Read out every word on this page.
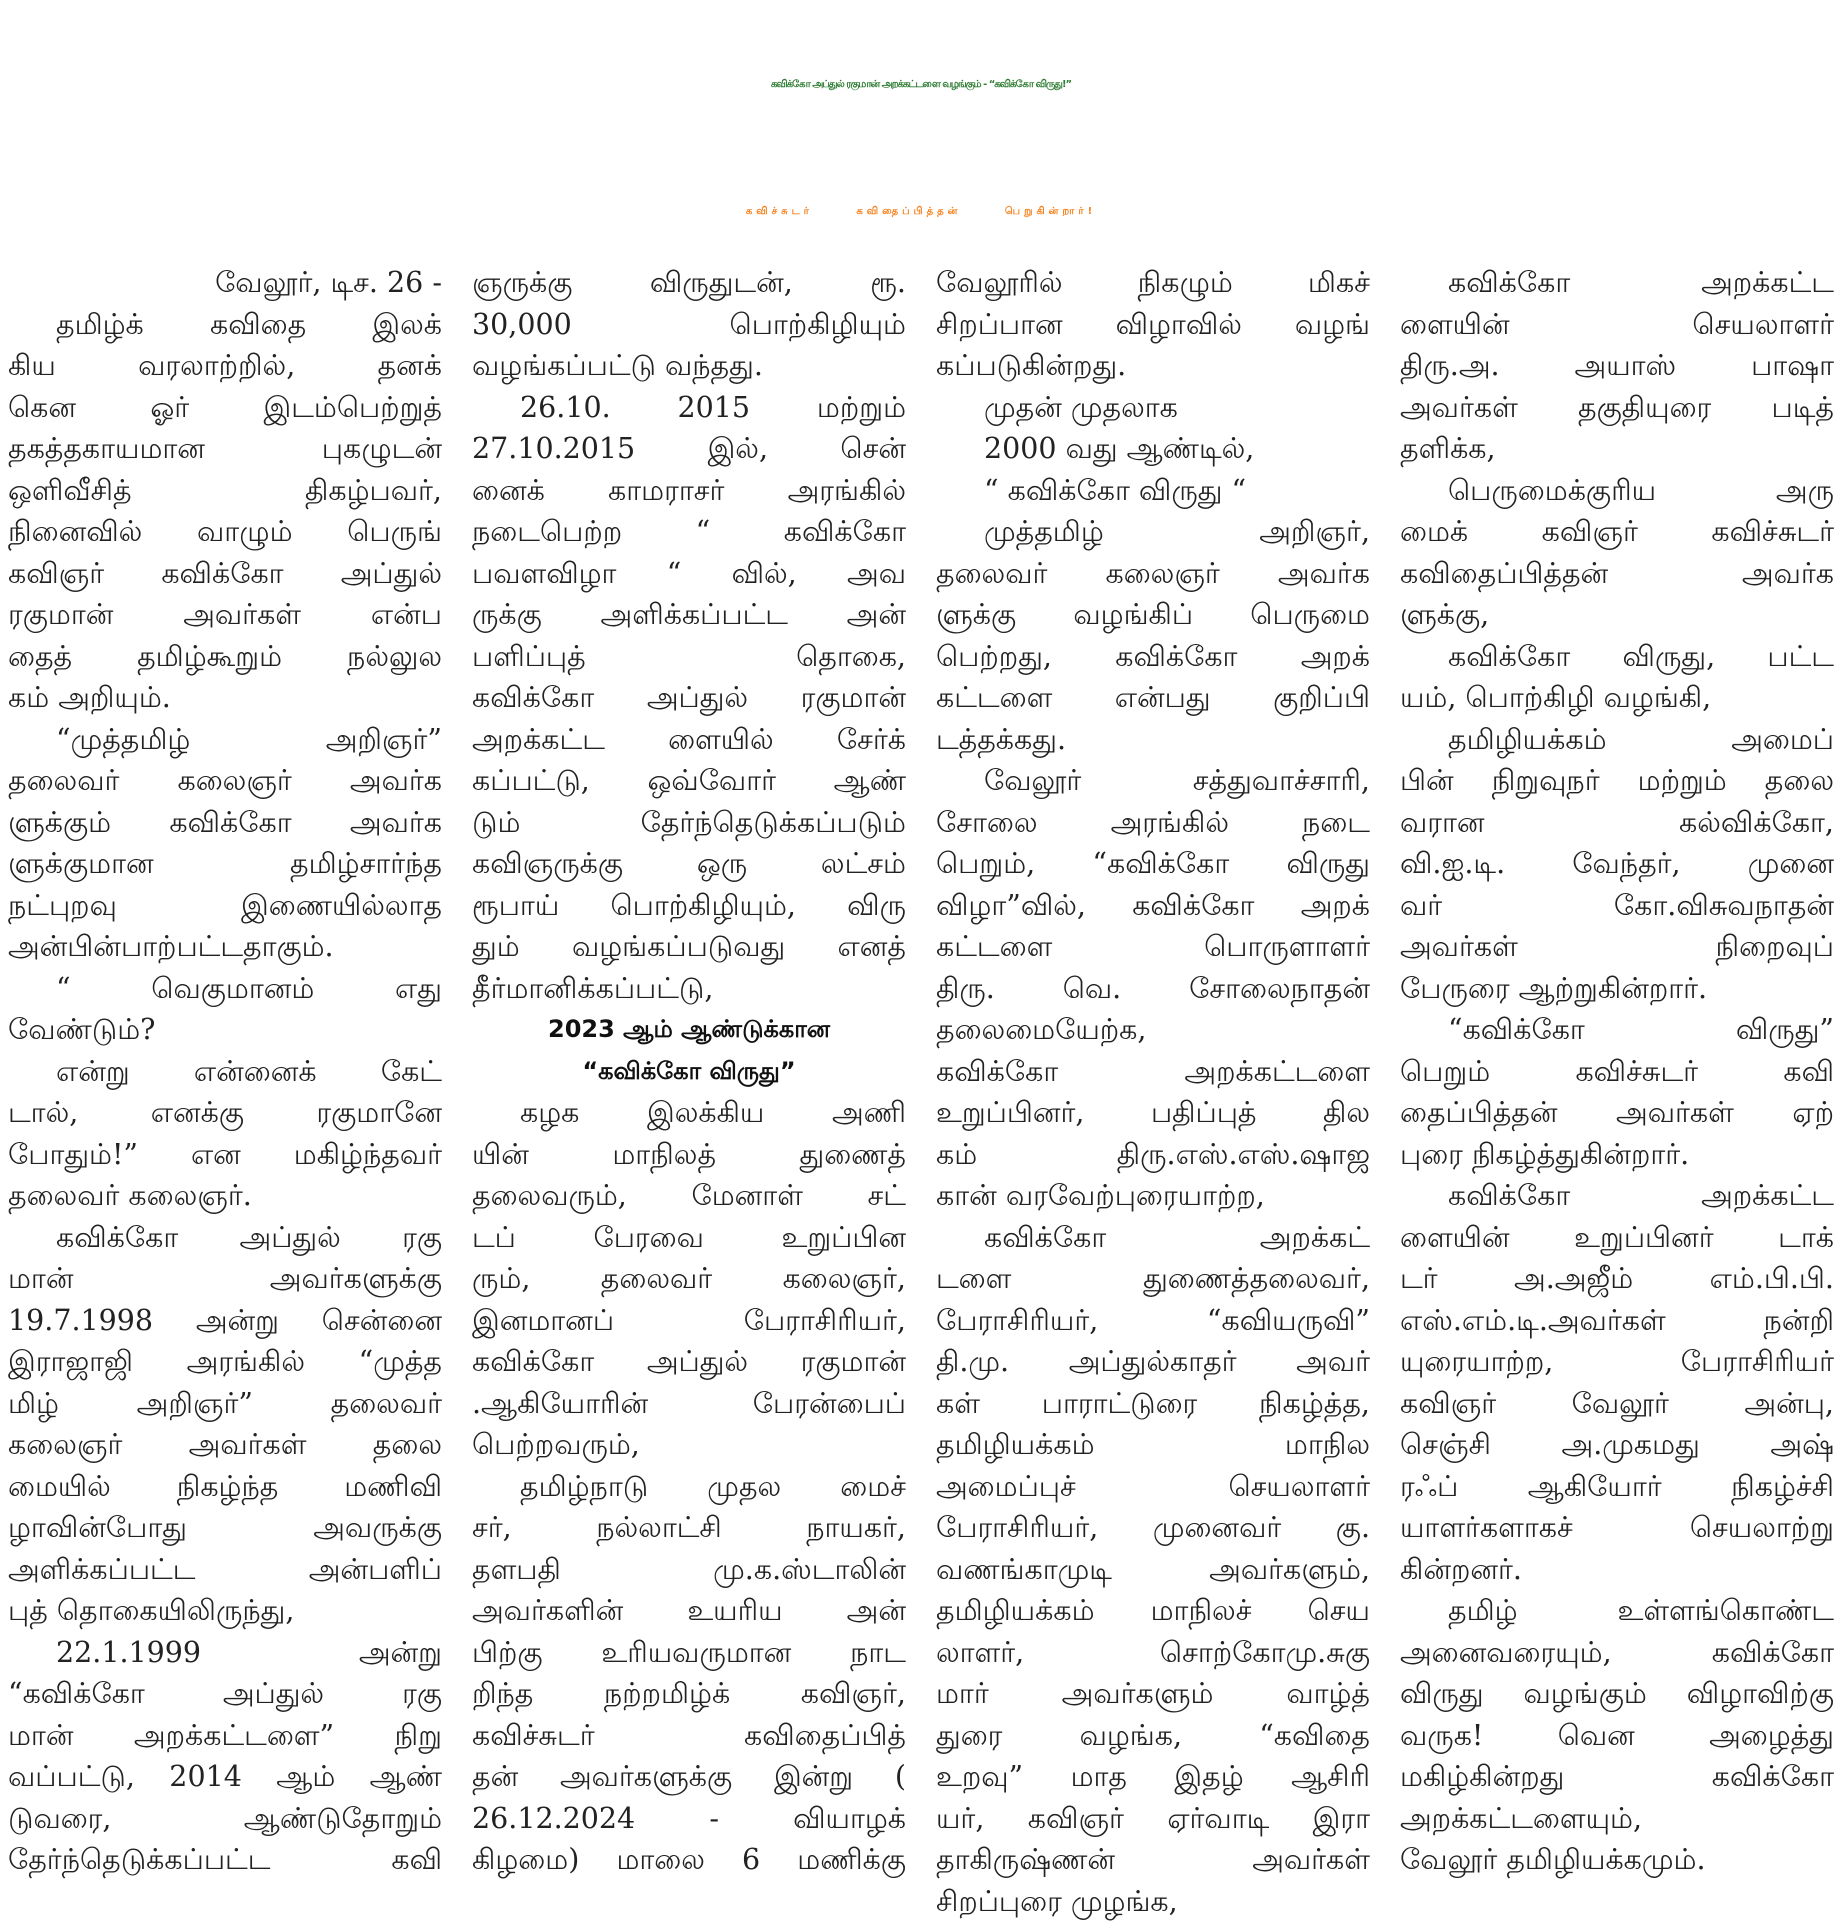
கவிக்கோ அப்துல் ரகுமான் அறக்கட்டளை வழங்கும் - “கவிக்கோ விருது!”
கவிச்சுடர் கவிதைப்பித்தன் பெறுகின்றார்!
வேலூர், டிச. 26 -
தமிழ்க் கவிதை இலக்
கிய வரலாற்றில், தனக்
கென ஓர் இடம்பெற்றுத்
தகத்தகாயமான புகழுடன்
ஒளிவீசித் திகழ்பவர்,
நினைவில் வாழும் பெருங்
கவிஞர் கவிக்கோ அப்துல்
ரகுமான் அவர்கள் என்ப
தைத் தமிழ்கூறும் நல்லுல
கம் அறியும்.
“முத்தமிழ் அறிஞர்”
தலைவர் கலைஞர் அவர்க
ளுக்கும் கவிக்கோ அவர்க
ளுக்குமான தமிழ்சார்ந்த
நட்புறவு இணையில்லாத
அன்பின்பாற்பட்டதாகும்.
“ வெகுமானம் எது
வேண்டும்?
என்று என்னைக் கேட்
டால், எனக்கு ரகுமானே
போதும்!” என மகிழ்ந்தவர்
தலைவர் கலைஞர்.
கவிக்கோ அப்துல் ரகு
மான் அவர்களுக்கு
19.7.1998 அன்று சென்னை
இராஜாஜி அரங்கில் “முத்த
மிழ் அறிஞர்” தலைவர்
கலைஞர் அவர்கள் தலை
மையில் நிகழ்ந்த மணிவி
ழாவின்போது அவருக்கு
அளிக்கப்பட்ட அன்பளிப்
புத் தொகையிலிருந்து,
22.1.1999 அன்று
“கவிக்கோ அப்துல் ரகு
மான் அறக்கட்டளை” நிறு
வப்பட்டு, 2014 ஆம் ஆண்
டுவரை, ஆண்டுதோறும்
தேர்ந்தெடுக்கப்பட்ட கவி
ஞருக்கு விருதுடன், ரூ.
30,000 பொற்கிழியும்
வழங்கப்பட்டு வந்தது.
26.10. 2015 மற்றும்
27.10.2015 இல், சென்
னைக் காமராசர் அரங்கில்
நடைபெற்ற “ கவிக்கோ
பவளவிழா “ வில், அவ
ருக்கு அளிக்கப்பட்ட அன்
பளிப்புத் தொகை,
கவிக்கோ அப்துல் ரகுமான்
அறக்கட்ட ளையில் சேர்க்
கப்பட்டு, ஒவ்வோர் ஆண்
டும் தேர்ந்தெடுக்கப்படும்
கவிஞருக்கு ஒரு லட்சம்
ரூபாய் பொற்கிழியும், விரு
தும் வழங்கப்படுவது எனத்
தீர்மானிக்கப்பட்டு,
2023 ஆம் ஆண்டுக்கான
“கவிக்கோ விருது”
கழக இலக்கிய அணி
யின் மாநிலத் துணைத்
தலைவரும், மேனாள் சட்
டப் பேரவை உறுப்பின
ரும், தலைவர் கலைஞர்,
இனமானப் பேராசிரியர்,
கவிக்கோ அப்துல் ரகுமான்
.ஆகியோரின் பேரன்பைப்
பெற்றவரும்,
தமிழ்நாடு முதல மைச்
சர், நல்லாட்சி நாயகர்,
தளபதி மு.க.ஸ்டாலின்
அவர்களின் உயரிய அன்
பிற்கு உரியவருமான நாட
றிந்த நற்றமிழ்க் கவிஞர்,
கவிச்சுடர் கவிதைப்பித்
தன் அவர்களுக்கு இன்று (
26.12.2024 - வியாழக்
கிழமை) மாலை 6 மணிக்கு
வேலூரில் நிகழும் மிகச்
சிறப்பான விழாவில் வழங்
கப்படுகின்றது.
முதன் முதலாக
2000 வது ஆண்டில்,
“ கவிக்கோ விருது “
முத்தமிழ் அறிஞர்,
தலைவர் கலைஞர் அவர்க
ளுக்கு வழங்கிப் பெருமை
பெற்றது, கவிக்கோ அறக்
கட்டளை என்பது குறிப்பி
டத்தக்கது.
வேலூர் சத்துவாச்சாரி,
சோலை அரங்கில் நடை
பெறும், “கவிக்கோ விருது
விழா”வில், கவிக்கோ அறக்
கட்டளை பொருளாளர்
திரு. வெ. சோலைநாதன்
தலைமையேற்க,
கவிக்கோ அறக்கட்டளை
உறுப்பினர், பதிப்புத் தில
கம் திரு.எஸ்.எஸ்.ஷாஜ
கான் வரவேற்புரையாற்ற,
கவிக்கோ அறக்கட்
டளை துணைத்தலைவர்,
பேராசிரியர், “கவியருவி”
தி.மு. அப்துல்காதர் அவர்
கள் பாராட்டுரை நிகழ்த்த,
தமிழியக்கம் மாநில
அமைப்புச் செயலாளர்
பேராசிரியர், முனைவர் கு.
வணங்காமுடி அவர்களும்,
தமிழியக்கம் மாநிலச் செய
லாளர், சொற்கோமு.சுகு
மார் அவர்களும் வாழ்த்
துரை வழங்க, “கவிதை
உறவு” மாத இதழ் ஆசிரி
யர், கவிஞர் ஏர்வாடி இரா
தாகிருஷ்ணன் அவர்கள்
சிறப்புரை முழங்க,
கவிக்கோ அறக்கட்ட
ளையின் செயலாளர்
திரு.அ. அயாஸ் பாஷா
அவர்கள் தகுதியுரை படித்
தளிக்க,
பெருமைக்குரிய அரு
மைக் கவிஞர் கவிச்சுடர்
கவிதைப்பித்தன் அவர்க
ளுக்கு,
கவிக்கோ விருது, பட்ட
யம், பொற்கிழி வழங்கி,
தமிழியக்கம் அமைப்
பின் நிறுவுநர் மற்றும் தலை
வரான கல்விக்கோ,
வி.ஐ.டி. வேந்தர், முனை
வர் கோ.விசுவநாதன்
அவர்கள் நிறைவுப்
பேருரை ஆற்றுகின்றார்.
“கவிக்கோ விருது”
பெறும் கவிச்சுடர் கவி
தைப்பித்தன் அவர்கள் ஏற்
புரை நிகழ்த்துகின்றார்.
கவிக்கோ அறக்கட்ட
ளையின் உறுப்பினர் டாக்
டர் அ.அஜீம் எம்.பி.பி.
எஸ்.எம்.டி.அவர்கள் நன்றி
யுரையாற்ற, பேராசிரியர்
கவிஞர் வேலூர் அன்பு,
செஞ்சி அ.முகமது அஷ்
ரஃப் ஆகியோர் நிகழ்ச்சி
யாளர்களாகச் செயலாற்று
கின்றனர்.
தமிழ் உள்ளங்கொண்ட
அனைவரையும், கவிக்கோ
விருது வழங்கும் விழாவிற்கு
வருக! வென அழைத்து
மகிழ்கின்றது கவிக்கோ
அறக்கட்டளையும்,
வேலூர் தமிழியக்கமும்.
